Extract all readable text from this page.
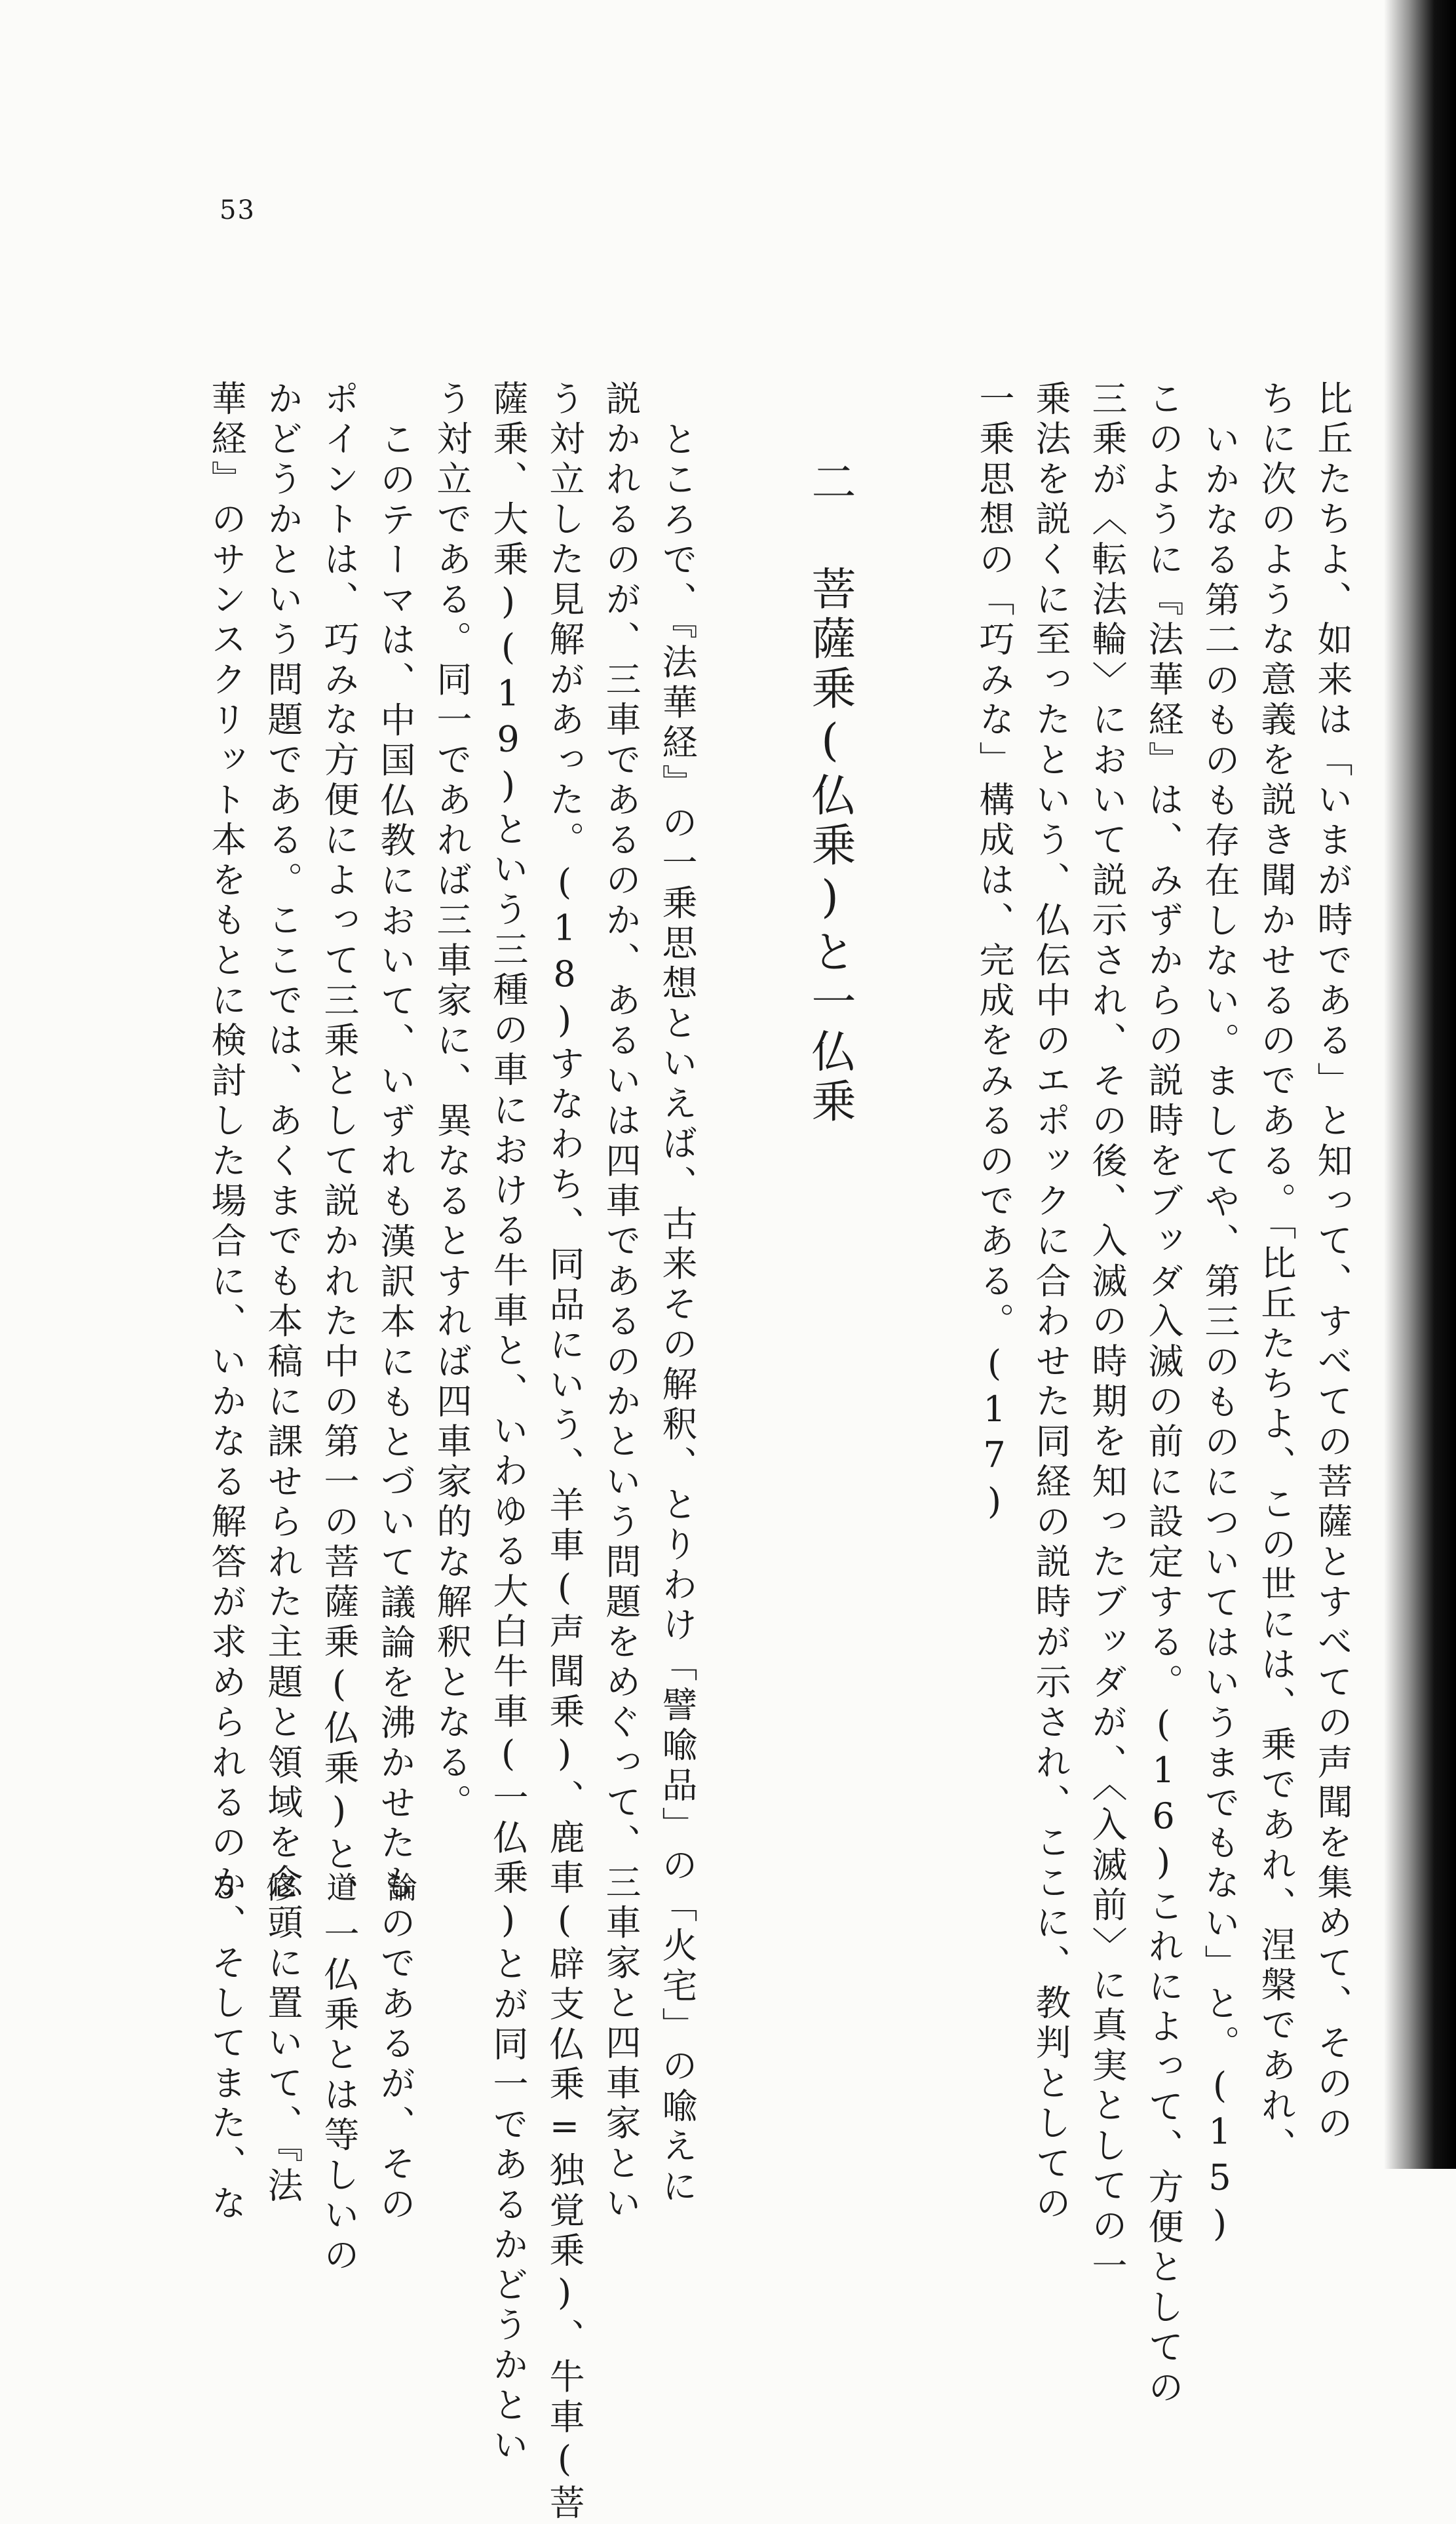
53
比丘たちよ、如来は「いまが時である」と知って、すべての菩薩とすべての声聞を集めて、そのの
ちに次のような意義を説き聞かせるのである。「比丘たちよ、この世には、乗であれ、涅槃であれ、
いかなる第二のものも存在しない。ましてや、第三のものについてはいうまでもない」と。(15)
このように『法華経』は、みずからの説時をブッダ入滅の前に設定する。(16)これによって、方便としての
三乗が〈転法輪〉において説示され、その後、入滅の時期を知ったブッダが、〈入滅前〉に真実としての一
乗法を説くに至ったという、仏伝中のエポックに合わせた同経の説時が示され、ここに、教判としての
一乗思想の「巧みな」構成は、完成をみるのである。(17)
二 菩薩乗(仏乗)と一仏乗
ところで、『法華経』の一乗思想といえば、古来その解釈、とりわけ「譬喩品」の「火宅」の喩えに
説かれるのが、三車であるのか、あるいは四車であるのかという問題をめぐって、三車家と四車家とい
う対立した見解があった。(18)すなわち、同品にいう、羊車(声聞乗)、鹿車(辟支仏乗=独覚乗)、牛車(菩
薩乗、大乗)(19)という三種の車における牛車と、いわゆる大白牛車(一仏乗)とが同一であるかどうかとい
う対立である。同一であれば三車家に、異なるとすれば四車家的な解釈となる。
このテーマは、中国仏教において、いずれも漢訳本にもとづいて議論を沸かせたものであるが、その
ポイントは、巧みな方便によって三乗として説かれた中の第一の菩薩乗(仏乗)と、一仏乗とは等しいの
かどうかという問題である。ここでは、あくまでも本稿に課せられた主題と領域を念頭に置いて、『法
華経』のサンスクリット本をもとに検討した場合に、いかなる解答が求められるのか、そしてまた、な
5 修 道 論
